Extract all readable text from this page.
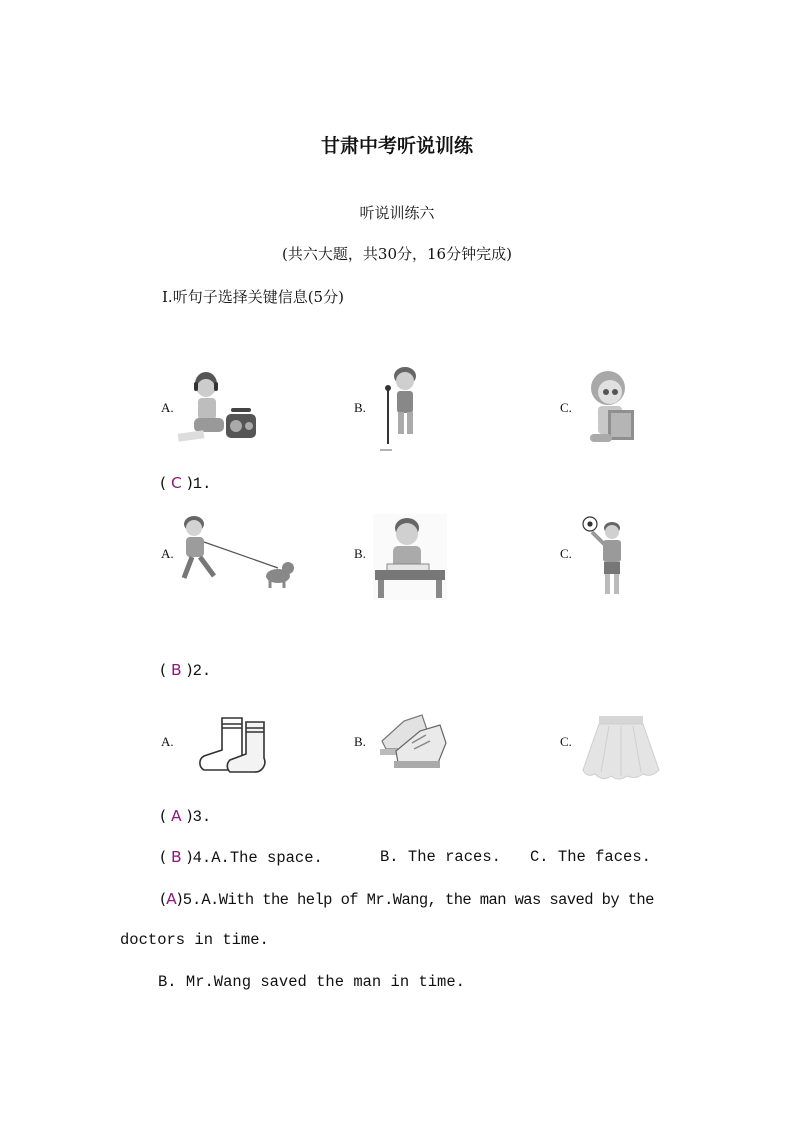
甘肃中考听说训练
听说训练六
(共六大题，共30分，16分钟完成)
Ⅰ.听句子选择关键信息(5分)
A.	B.	C.
( C )1.
A.	B.	C.
( B )2.
A.	B.	C.
( A )3.
( B )4.A.The space.	B. The races. C. The faces.
(A)5.A.With the help of Mr.Wang, the man was saved by the
doctors in time.
B. Mr.Wang saved the man in time.
